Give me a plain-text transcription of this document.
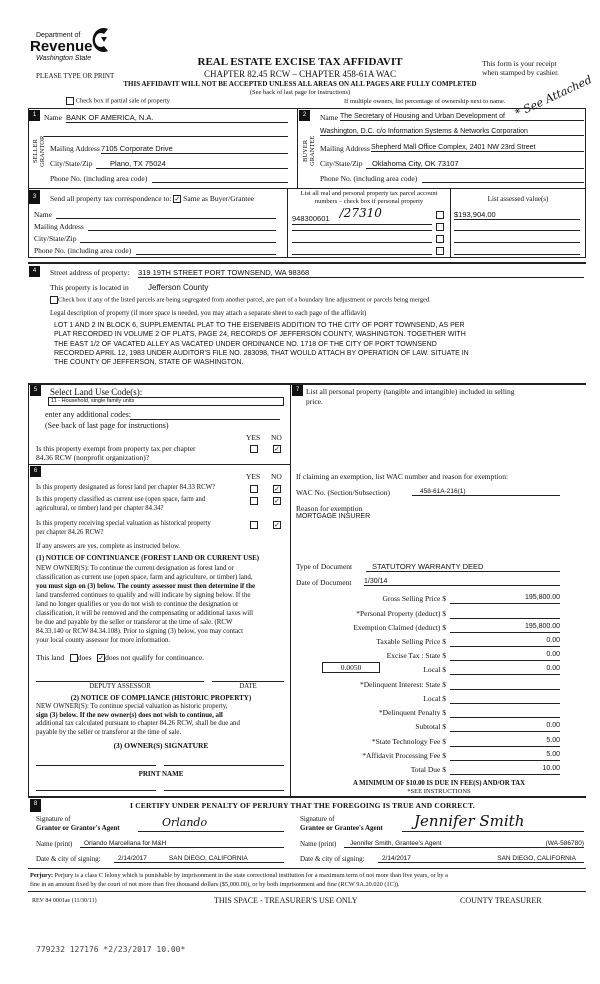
Department of
Revenue
Washington State	REAL ESTATE EXCISE TAX AFFIDAVIT
CHAPTER 82.45 RCW – CHAPTER 458-61A WAC
PLEASE TYPE OR PRINT
This form is your receipt
when stamped by cashier.
THIS AFFIDAVIT WILL NOT BE ACCEPTED UNLESS ALL AREAS ON ALL PAGES ARE FULLY COMPLETED
(See back of last page for instructions)
Check box if partial sale of property	If multiple owners, list percentage of ownership next to name. * See Attached
1
SELLER GRANTOR
Name BANK OF AMERICA, N.A.
Mailing Address 7105 Corporate Drive
City/State/Zip	Plano, TX 75024
Phone No. (including area code)
2
BUYER GRANTEE
Name The Secretary of Housing and Urban Development of
Washington, D.C. c/o Information Systems & Networks Corporation
Mailing Address Shepherd Mall Office Complex, 2401 NW 23rd Street
City/State/Zip	Oklahoma City, OK 73107
Phone No. (including area code)
3	Send all property tax correspondence to: ✓ Same as Buyer/Grantee
Name
Mailing Address
City/State/Zip
Phone No. (including area code)
List all real and personal property tax parcel account numbers – check box if personal property	List assessed value(s)
948300601 /27310	$193,904.00
4	Street address of property: 319 19TH STREET PORT TOWNSEND, WA 98368
This property is located in Jefferson County
Check box if any of the listed parcels are being segregated from another parcel, are part of a boundary line adjustment or parcels being merged.
Legal description of property (if more space is needed, you may attach a separate sheet to each page of the affidavit)
LOT 1 AND 2 IN BLOCK 6, SUPPLEMENTAL PLAT TO THE EISENBEIS ADDITION TO THE CITY OF PORT TOWNSEND, AS PER
PLAT RECORDED IN VOLUME 2 OF PLATS, PAGE 24, RECORDS OF JEFFERSON COUNTY, WASHINGTON. TOGETHER WITH
THE EAST 1/2 OF VACATED ALLEY AS VACATED UNDER ORDINANCE NO. 1718 OF THE CITY OF PORT TOWNSEND
RECORDED APRIL 12, 1983 UNDER AUDITOR'S FILE NO. 283098, THAT WOULD ATTACH BY OPERATION OF LAW. SITUATE IN
THE COUNTY OF JEFFERSON, STATE OF WASHINGTON.
5	Select Land Use Code(s):
11 - Household, single family units
enter any additional codes:
(See back of last page for instructions)
YES NO
Is this property exempt from property tax per chapter
84.36 RCW (nonprofit organization)?
✓
6
YES NO
Is this property designated as forest land per chapter 84.33 RCW?	✓
Is this property classified as current use (open space, farm and
agricultural, or timber) land per chapter 84.34?
✓
Is this property receiving special valuation as historical property
per chapter 84.26 RCW?
✓
If any answers are yes, complete as instructed below.
(1) NOTICE OF CONTINUANCE (FOREST LAND OR CURRENT USE)
NEW OWNER(S): To continue the current designation as forest land or
classification as current use (open space, farm and agriculture, or timber) land,
you must sign on (3) below. The county assessor must then determine if the
land transferred continues to qualify and will indicate by signing below. If the
land no longer qualifies or you do not wish to continue the designation or
classification, it will be removed and the compensating or additional taxes will
be due and payable by the seller or transferor at the time of sale. (RCW
84.33.140 or RCW 84.34.108). Prior to signing (3) below, you may contact
your local county assessor for more information.
This land does ✓does not qualify for continuance.
DEPUTY ASSESSOR	DATE
(2) NOTICE OF COMPLIANCE (HISTORIC PROPERTY)
NEW OWNER(S): To continue special valuation as historic property,
sign (3) below. If the new owner(s) does not wish to continue, all
additional tax calculated pursuant to chapter 84.26 RCW, shall be due and
payable by the seller or transferor at the time of sale.
(3) OWNER(S) SIGNATURE
PRINT NAME
7 List all personal property (tangible and intangible) included in selling
price.
If claiming an exemption, list WAC number and reason for exemption:
WAC No. (Section/Subsection)	458-61A-216(1)
Reason for exemption
MORTGAGE INSURER
Type of Document	STATUTORY WARRANTY DEED
Date of Document 1/30/14
Gross Selling Price $	195,800.00
*Personal Property (deduct) $
Exemption Claimed (deduct) $	195,800.00
Taxable Selling Price $	0.00
Excise Tax : State $	0.00
Local $	0.00
*Delinquent Interest: State $
Local $
*Delinquent Penalty $
Subtotal $	0.00
*State Technology Fee $	5.00
*Affidavit Processing Fee $	5.00
Total Due $	10.00
0.0050
A MINIMUM OF $10.00 IS DUE IN FEE(S) AND/OR TAX
*SEE INSTRUCTIONS
8	I CERTIFY UNDER PENALTY OF PERJURY THAT THE FOREGOING IS TRUE AND CORRECT.
Signature of
Grantor or Grantor's Agent	Orlando
Name (print)	Orlando Marcellana for M&H
Date & city of signing:	2/14/2017	SAN DIEGO, CALIFORNIA
Signature of
Grantee or Grantee's Agent	Jennifer Smith
Name (print)	Jennifer Smith, Grantee's Agent	(WA-586780)
Date & city of signing:	2/14/2017	SAN DIEGO, CALIFORNIA
Perjury: Perjury is a class C felony which is punishable by imprisonment in the state correctional institution for a maximum term of not more than five years, or by a
fine in an amount fixed by the court of not more than five thousand dollars ($5,000.00), or by both imprisonment and fine (RCW 9A.20.020 (1C)).
REV 84 0001ae (11/30/11)	THIS SPACE - TREASURER'S USE ONLY	COUNTY TREASURER
779232 127176 *2/23/2017 10.00*
